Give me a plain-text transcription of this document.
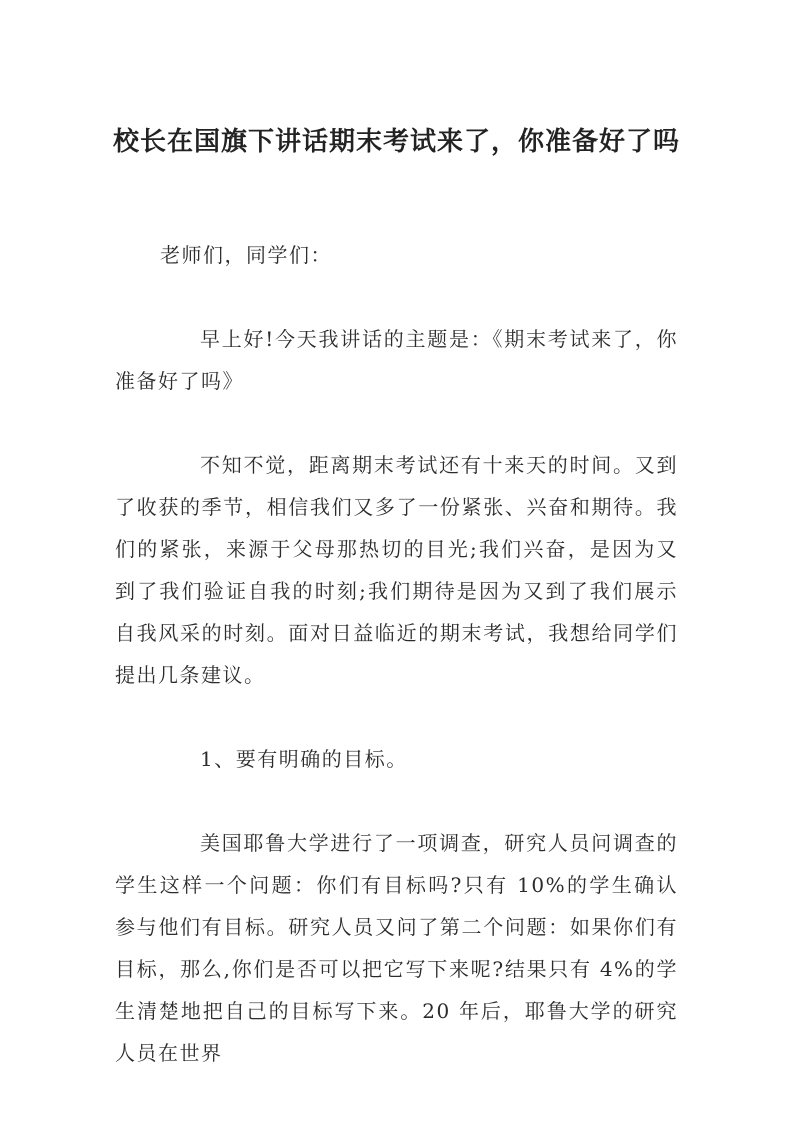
校长在国旗下讲话期末考试来了，你准备好了吗

老师们，同学们：

早上好!今天我讲话的主题是：《期末考试来了，你准备好了吗》

不知不觉，距离期末考试还有十来天的时间。又到了收获的季节，相信我们又多了一份紧张、兴奋和期待。我们的紧张，来源于父母那热切的目光;我们兴奋，是因为又到了我们验证自我的时刻;我们期待是因为又到了我们展示自我风采的时刻。面对日益临近的期末考试，我想给同学们提出几条建议。

1、要有明确的目标。

美国耶鲁大学进行了一项调查，研究人员问调查的学生这样一个问题：你们有目标吗?只有 10%的学生确认参与他们有目标。研究人员又问了第二个问题：如果你们有目标，那么,你们是否可以把它写下来呢?结果只有 4%的学生清楚地把自己的目标写下来。20 年后，耶鲁大学的研究人员在世界
